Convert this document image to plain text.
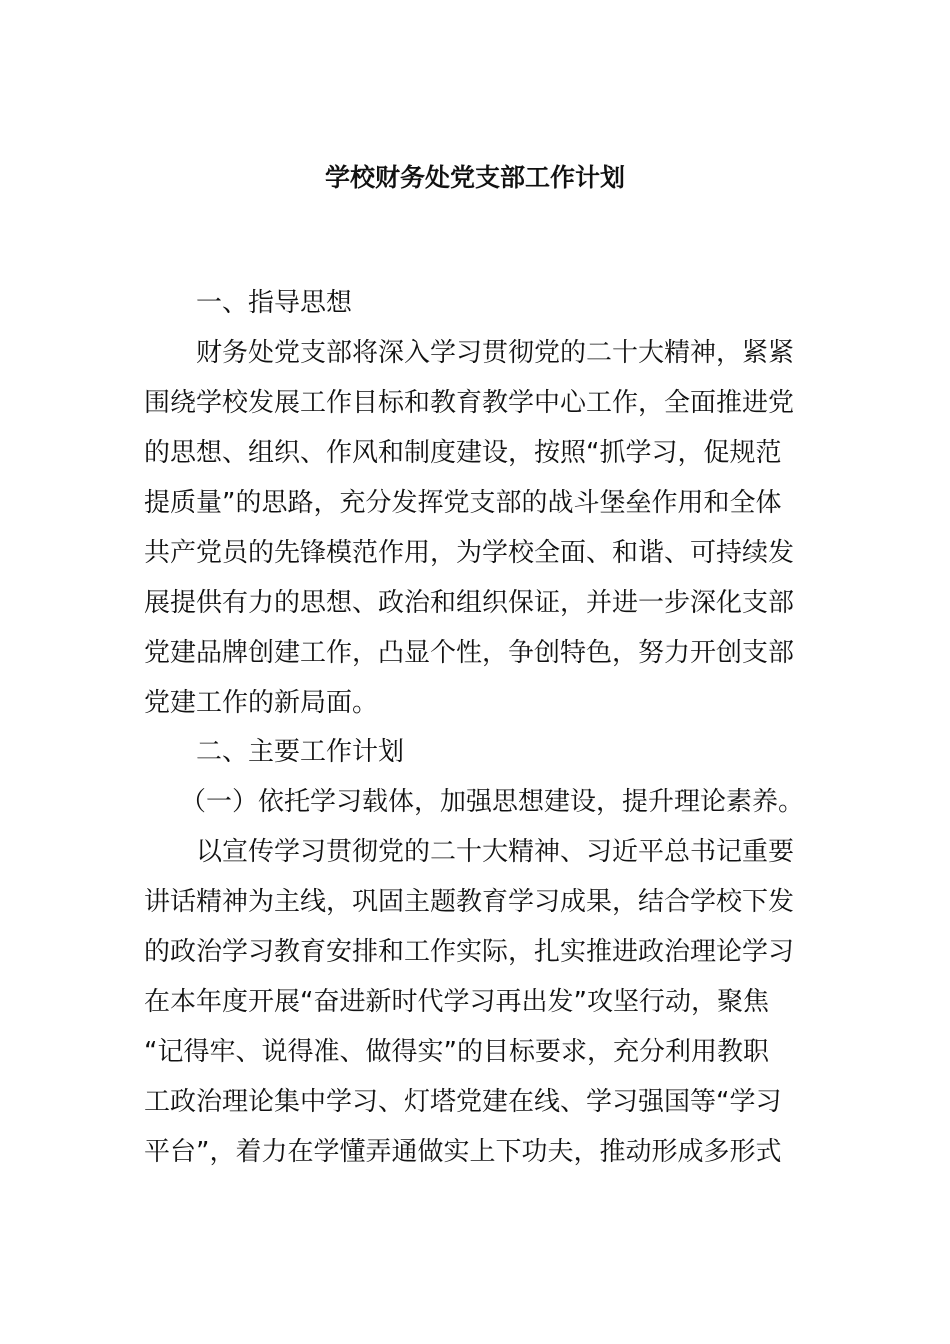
学校财务处党支部工作计划
一、指导思想
财务处党支部将深入学习贯彻党的二十大精神，紧紧
围绕学校发展工作目标和教育教学中心工作，全面推进党
的思想、组织、作风和制度建设，按照“抓学习，促规范
提质量”的思路，充分发挥党支部的战斗堡垒作用和全体
共产党员的先锋模范作用，为学校全面、和谐、可持续发
展提供有力的思想、政治和组织保证，并进一步深化支部
党建品牌创建工作，凸显个性，争创特色，努力开创支部
党建工作的新局面。
二、主要工作计划
（一）依托学习载体，加强思想建设，提升理论素养。
以宣传学习贯彻党的二十大精神、习近平总书记重要
讲话精神为主线，巩固主题教育学习成果，结合学校下发
的政治学习教育安排和工作实际，扎实推进政治理论学习
在本年度开展“奋进新时代学习再出发”攻坚行动，聚焦
“记得牢、说得准、做得实”的目标要求，充分利用教职
工政治理论集中学习、灯塔党建在线、学习强国等“学习
平台”，着力在学懂弄通做实上下功夫，推动形成多形式
